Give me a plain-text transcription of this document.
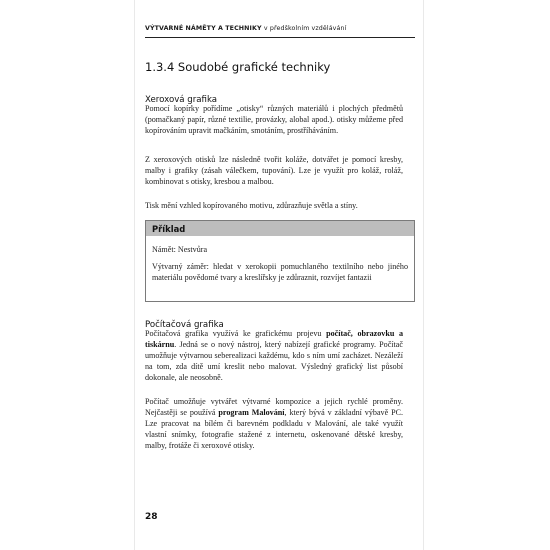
VÝTVARNÉ NÁMĚTY A TECHNIKY v předškolním vzdělávání
1.3.4 Soudobé grafické techniky
Xeroxová grafika

Pomocí kopírky pořídíme „otisky“ různých materiálů i plochých předmětů (pomačkaný papír, různé textilie, provázky, alobal apod.). otisky můžeme před kopírováním upravit mačkáním, smotáním, prostříháváním.

Z xeroxových otisků lze následně tvořit koláže, dotvářet je pomocí kresby, malby i grafiky (zásah válečkem, tupování). Lze je využít pro koláž, roláž, kombinovat s otisky, kresbou a malbou.

Tisk mění vzhled kopírovaného motivu, zdůrazňuje světla a stíny.

Příklad
Námět: Nestvůra
Výtvarný záměr: hledat v xerokopii pomuchlaného textilního nebo jiného materiálu povědomé tvary a kreslířsky je zdůraznit, rozvíjet fantazii
Počítačová grafika

Počítačová grafika využívá ke grafickému projevu počítač, obrazovku a tiskárnu. Jedná se o nový nástroj, který nabízejí grafické programy. Počítač umožňuje výtvarnou seberealizaci každému, kdo s ním umí zacházet. Nezáleží na tom, zda dítě umí kreslit nebo malovat. Výsledný grafický list působí dokonale, ale neosobně.

Počítač umožňuje vytvářet výtvarné kompozice a jejich rychlé proměny. Nejčastěji se používá program Malování, který bývá v základní výbavě PC. Lze pracovat na bílém či barevném podkladu v Malování, ale také využít vlastní snímky, fotografie stažené z internetu, oskenované dětské kresby, malby, frotáže či xeroxové otisky.

28
